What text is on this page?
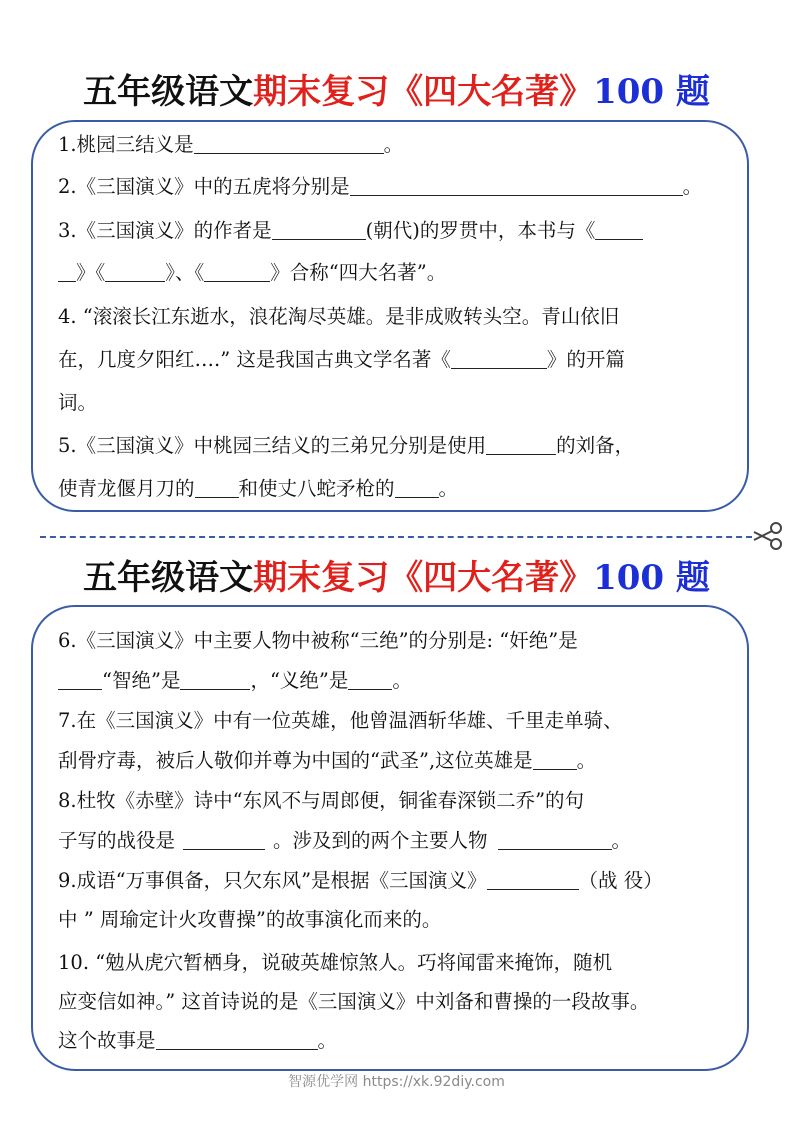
五年级语文期末复习《四大名著》100 题
1.桃园三结义是	。
2.《三国演义》中的五虎将分别是	。
3.《三国演义》的作者是	(朝代)的罗贯中，本书与《
》《	》、《	》合称“四大名著”。
4. “滚滚长江东逝水，浪花淘尽英雄。是非成败转头空。青山依旧
在，几度夕阳红….” 这是我国古典文学名著《	》的开篇
词。
5.《三国演义》中桃园三结义的三弟兄分别是使用	的刘备，
使青龙偃月刀的 和使丈八蛇矛枪的 。
五年级语文期末复习《四大名著》100 题
6.《三国演义》中主要人物中被称“三绝”的分别是: “奸绝”是
“智绝”是	，“义绝”是 。
7.在《三国演义》中有一位英雄，他曾温酒斩华雄、千里走单骑、
刮骨疗毒，被后人敬仰并尊为中国的“武圣”,这位英雄是 。
8.杜牧《赤壁》诗中“东风不与周郎便，铜雀春深锁二乔”的句
子写的战役是	。涉及到的两个主要人物	。
9.成语“万事俱备，只欠东风”是根据《三国演义》	（战 役）
中 ” 周瑜定计火攻曹操”的故事演化而来的。
10. “勉从虎穴暂栖身，说破英雄惊煞人。巧将闻雷来掩饰，随机
应变信如神。” 这首诗说的是《三国演义》中刘备和曹操的一段故事。
这个故事是	。
智源优学网 https://xk.92diy.com
